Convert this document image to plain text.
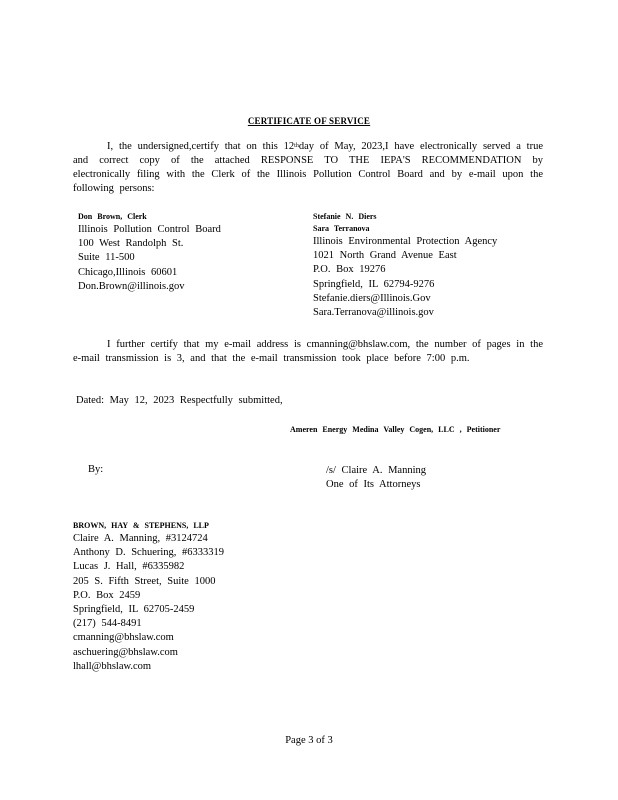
CERTIFICATE OF SERVICE
I, the undersigned,certify that on this 12thday of May, 2023,I have electronically served a true and correct copy of the attached RESPONSE TO THE IEPA'S RECOMMENDATION by electronically filing with the Clerk of the Illinois Pollution Control Board and by e-mail upon the following persons:
Don Brown, Clerk
Illinois Pollution Control Board
100 West Randolph St.
Suite 11-500
Chicago,Illinois 60601
Don.Brown@illinois.gov
Stefanie N. Diers
Sara Terranova
Illinois Environmental Protection Agency
1021 North Grand Avenue East
P.O. Box 19276
Springfield, IL 62794-9276
Stefanie.diers@Illinois.Gov
Sara.Terranova@illinois.gov
I further certify that my e-mail address is cmanning@bhslaw.com, the number of pages in the e-mail transmission is 3, and that the e-mail transmission took place before 7:00 p.m.
Dated: May 12, 2023 Respectfully submitted,
Ameren Energy Medina Valley Cogen, LLC , Petitioner
By:	/s/ Claire A. Manning
One of Its Attorneys
BROWN, HAY & STEPHENS, LLP
Claire A. Manning, #3124724
Anthony D. Schuering, #6333319
Lucas J. Hall, #6335982
205 S. Fifth Street, Suite 1000
P.O. Box 2459
Springfield, IL 62705-2459
(217) 544-8491
cmanning@bhslaw.com
aschuering@bhslaw.com
lhall@bhslaw.com
Page 3 of 3
